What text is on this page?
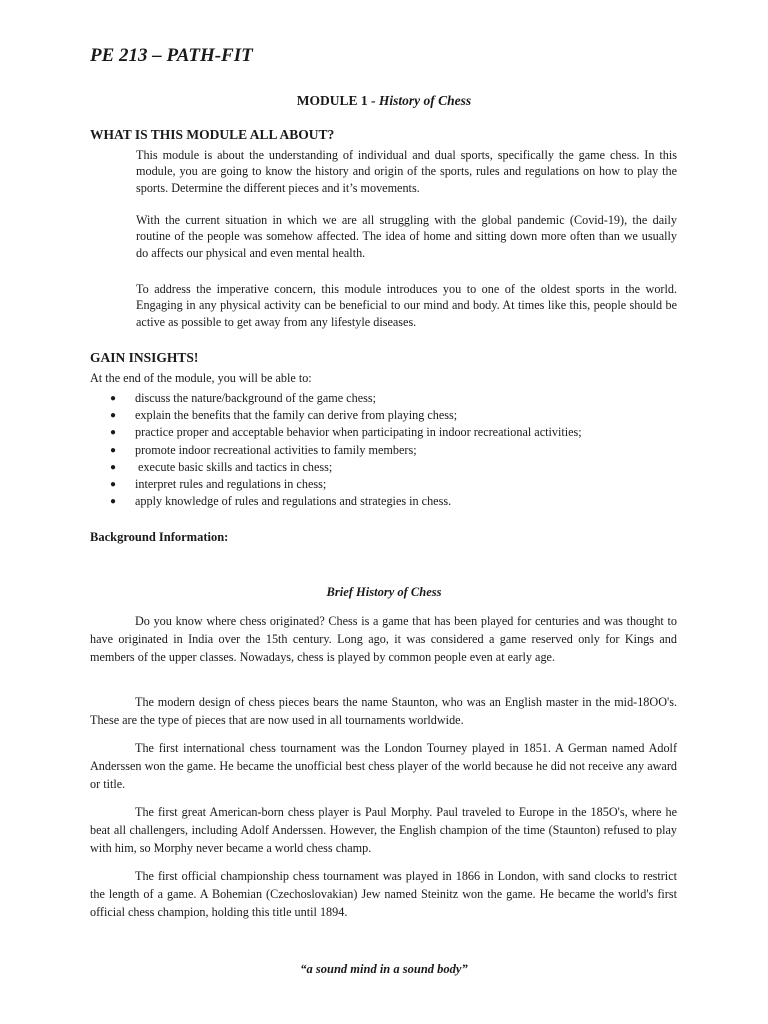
PE 213 – PATH-FIT
MODULE 1 - History of Chess
WHAT IS THIS MODULE ALL ABOUT?
This module is about the understanding of individual and dual sports, specifically the game chess. In this module, you are going to know the history and origin of the sports, rules and regulations on how to play the sports. Determine the different pieces and it’s movements.
With the current situation in which we are all struggling with the global pandemic (Covid-19), the daily routine of the people was somehow affected. The idea of home and sitting down more often than we usually do affects our physical and even mental health.
To address the imperative concern, this module introduces you to one of the oldest sports in the world. Engaging in any physical activity can be beneficial to our mind and body. At times like this, people should be active as possible to get away from any lifestyle diseases.
GAIN INSIGHTS!
At the end of the module, you will be able to:
● discuss the nature/background of the game chess;
● explain the benefits that the family can derive from playing chess;
● practice proper and acceptable behavior when participating in indoor recreational activities;
● promote indoor recreational activities to family members;
● execute basic skills and tactics in chess;
● interpret rules and regulations in chess;
● apply knowledge of rules and regulations and strategies in chess.
Background Information:
Brief History of Chess
Do you know where chess originated? Chess is a game that has been played for centuries and was thought to have originated in India over the 15th century. Long ago, it was considered a game reserved only for Kings and members of the upper classes. Nowadays, chess is played by common people even at early age.
The modern design of chess pieces bears the name Staunton, who was an English master in the mid-18OO's. These are the type of pieces that are now used in all tournaments worldwide.
The first international chess tournament was the London Tourney played in 1851. A German named Adolf Anderssen won the game. He became the unofficial best chess player of the world because he did not receive any award or title.
The first great American-born chess player is Paul Morphy. Paul traveled to Europe in the 185O's, where he beat all challengers, including Adolf Anderssen. However, the English champion of the time (Staunton) refused to play with him, so Morphy never became a world chess champ.
The first official championship chess tournament was played in 1866 in London, with sand clocks to restrict the length of a game. A Bohemian (Czechoslovakian) Jew named Steinitz won the game. He became the world's first official chess champion, holding this title until 1894.
“a sound mind in a sound body”
